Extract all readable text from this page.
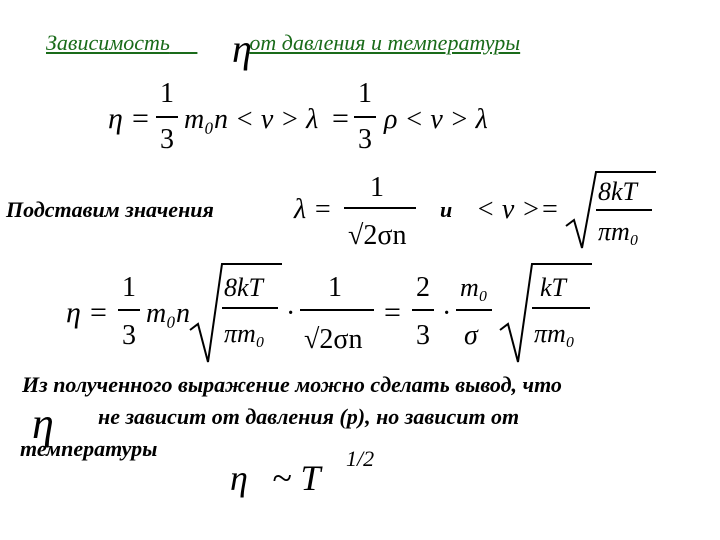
Зависимость	от давления и температуры
η
η =
1
3
m₀n < v > λ =
1
3
ρ < v > λ
Подставим значения	λ =
1
√2σn
и < v >=
8kT
πm₀
η =
1
3
m₀n
8kT
πm₀
·
1
√2σn
=
2
3
·
m₀
σ
kT
πm₀
Из полученного выражение можно сделать вывод, что
η не зависит от давления (p), но зависит от
температуры
η ~ T 1/2
